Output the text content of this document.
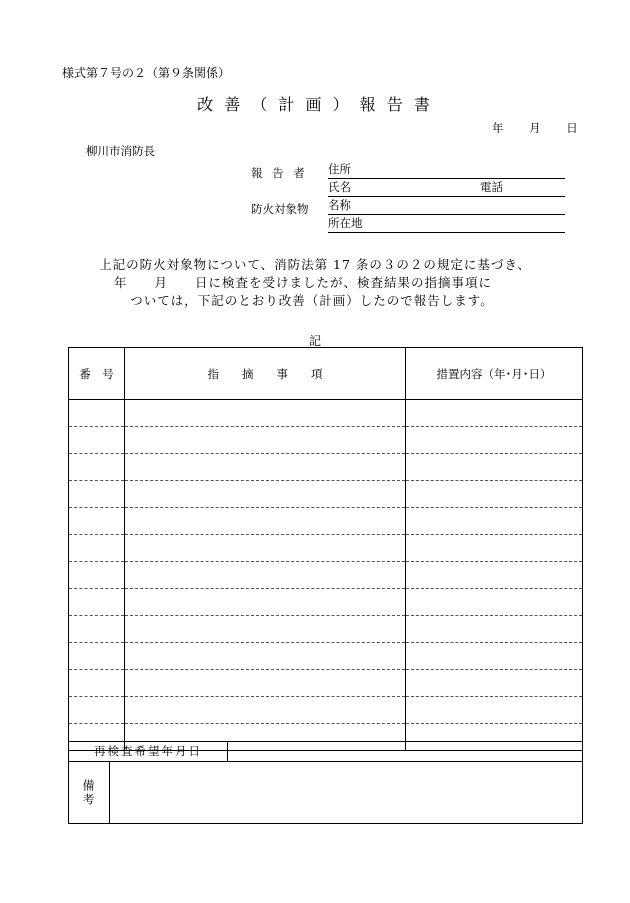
様式第７号の２（第９条関係）
改 善 （ 計 画 ） 報 告 書
年 月 日
柳川市消防長
報 告 者 住所
氏名	電話
防火対象物 名称
所在地
上記の防火対象物について、消防法第 17 条の３の２の規定に基づき、
年　　月　　日に検査を受けましたが、検査結果の指摘事項に
ついては，下記のとおり改善（計画）したので報告します。
記
番　号	指　　摘　　事　　項	措置内容（年･月･日）

再検査希望年月日
備考
